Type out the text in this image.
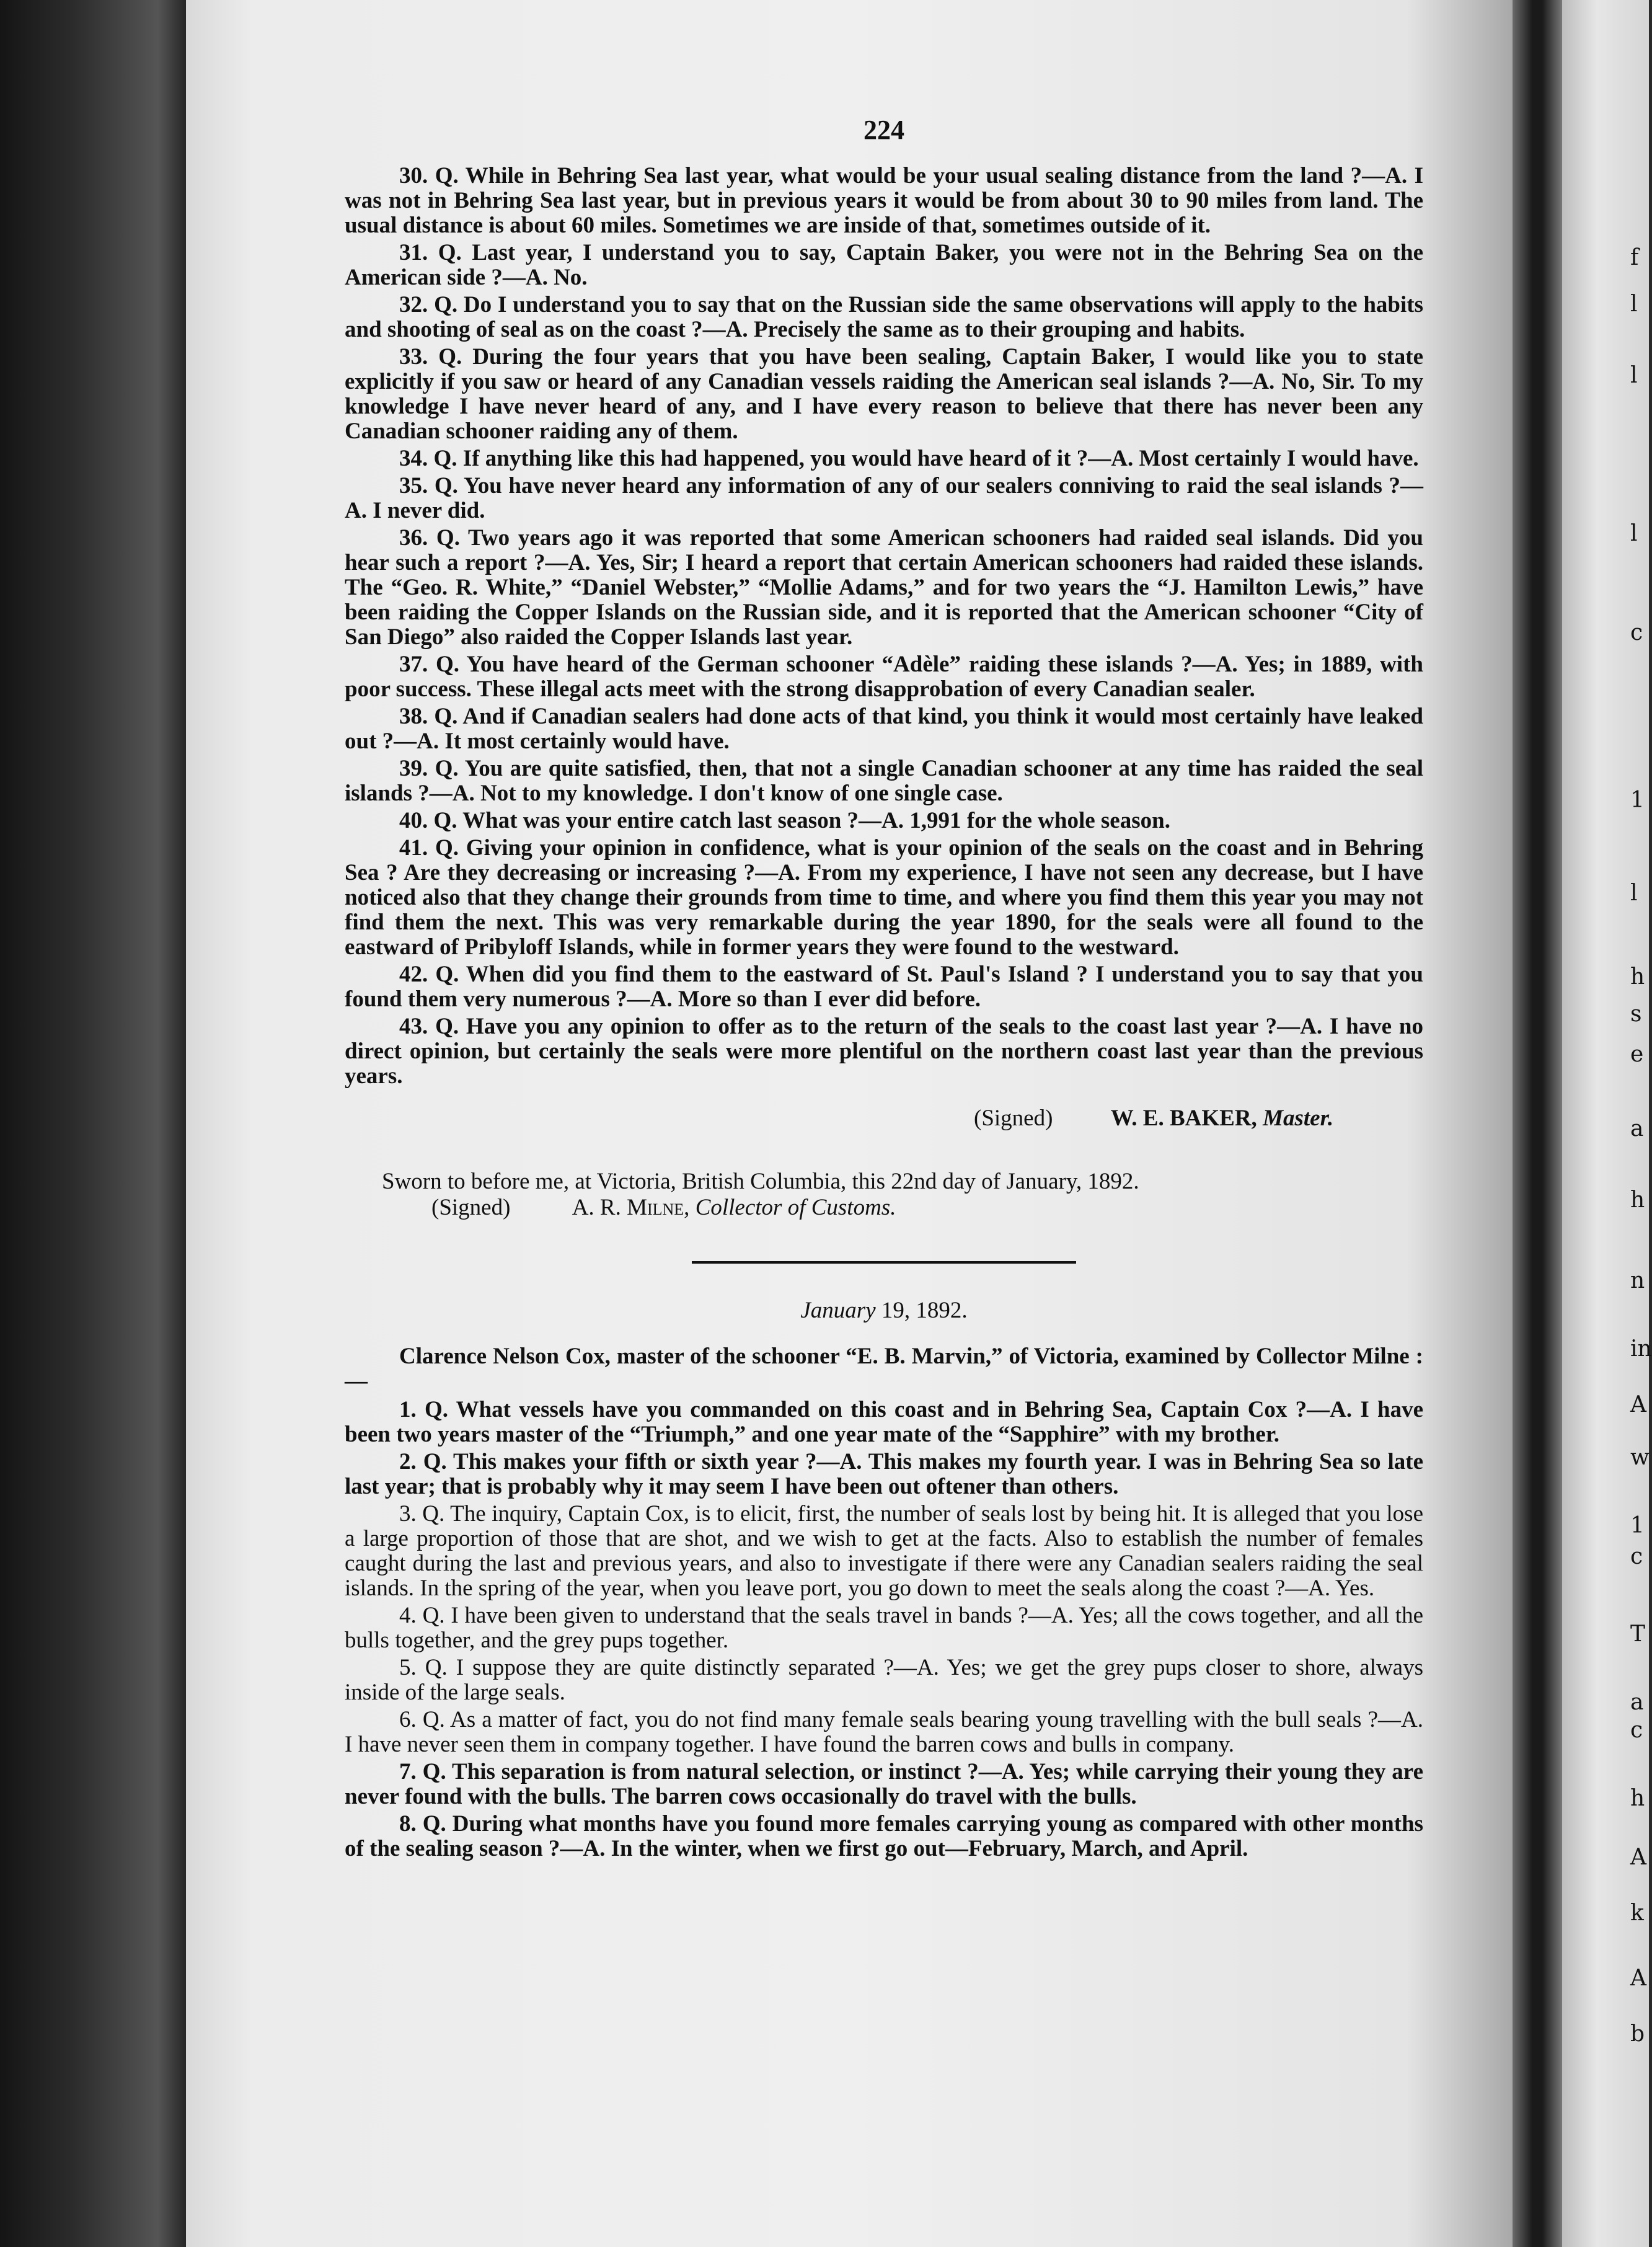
f
l
l
l
c
1
l
h
s
e
a
h
n
in
A
w
1
c
T
a
c
h
A
k
A
b
224

30. Q. While in Behring Sea last year, what would be your usual sealing distance from the land ?—A. I was not in Behring Sea last year, but in previous years it would be from about 30 to 90 miles from land. The usual distance is about 60 miles. Sometimes we are inside of that, sometimes outside of it.

31. Q. Last year, I understand you to say, Captain Baker, you were not in the Behring Sea on the American side ?—A. No.

32. Q. Do I understand you to say that on the Russian side the same observations will apply to the habits and shooting of seal as on the coast ?—A. Precisely the same as to their grouping and habits.

33. Q. During the four years that you have been sealing, Captain Baker, I would like you to state explicitly if you saw or heard of any Canadian vessels raiding the American seal islands ?—A. No, Sir. To my knowledge I have never heard of any, and I have every reason to believe that there has never been any Canadian schooner raiding any of them.

34. Q. If anything like this had happened, you would have heard of it ?—A. Most certainly I would have.

35. Q. You have never heard any information of any of our sealers conniving to raid the seal islands ?—A. I never did.

36. Q. Two years ago it was reported that some American schooners had raided seal islands. Did you hear such a report ?—A. Yes, Sir; I heard a report that certain American schooners had raided these islands. The “Geo. R. White,” “Daniel Webster,” “Mollie Adams,” and for two years the “J. Hamilton Lewis,” have been raiding the Copper Islands on the Russian side, and it is reported that the American schooner “City of San Diego” also raided the Copper Islands last year.

37. Q. You have heard of the German schooner “Adèle” raiding these islands ?—A. Yes; in 1889, with poor success. These illegal acts meet with the strong disapprobation of every Canadian sealer.

38. Q. And if Canadian sealers had done acts of that kind, you think it would most certainly have leaked out ?—A. It most certainly would have.

39. Q. You are quite satisfied, then, that not a single Canadian schooner at any time has raided the seal islands ?—A. Not to my knowledge. I don't know of one single case.

40. Q. What was your entire catch last season ?—A. 1,991 for the whole season.

41. Q. Giving your opinion in confidence, what is your opinion of the seals on the coast and in Behring Sea ? Are they decreasing or increasing ?—A. From my experience, I have not seen any decrease, but I have noticed also that they change their grounds from time to time, and where you find them this year you may not find them the next. This was very remarkable during the year 1890, for the seals were all found to the eastward of Pribyloff Islands, while in former years they were found to the westward.

42. Q. When did you find them to the eastward of St. Paul's Island ? I understand you to say that you found them very numerous ?—A. More so than I ever did before.

43. Q. Have you any opinion to offer as to the return of the seals to the coast last year ?—A. I have no direct opinion, but certainly the seals were more plentiful on the northern coast last year than the previous years.

(Signed)	W. E. BAKER, Master.

Sworn to before me, at Victoria, British Columbia, this 22nd day of January, 1892.

(Signed)	A. R. Milne, Collector of Customs.
January 19, 1892.

Clarence Nelson Cox, master of the schooner “E. B. Marvin,” of Victoria, examined by Collector Milne :—

1. Q. What vessels have you commanded on this coast and in Behring Sea, Captain Cox ?—A. I have been two years master of the “Triumph,” and one year mate of the “Sapphire” with my brother.

2. Q. This makes your fifth or sixth year ?—A. This makes my fourth year. I was in Behring Sea so late last year; that is probably why it may seem I have been out oftener than others.

3. Q. The inquiry, Captain Cox, is to elicit, first, the number of seals lost by being hit. It is alleged that you lose a large proportion of those that are shot, and we wish to get at the facts. Also to establish the number of females caught during the last and previous years, and also to investigate if there were any Canadian sealers raiding the seal islands. In the spring of the year, when you leave port, you go down to meet the seals along the coast ?—A. Yes.

4. Q. I have been given to understand that the seals travel in bands ?—A. Yes; all the cows together, and all the bulls together, and the grey pups together.

5. Q. I suppose they are quite distinctly separated ?—A. Yes; we get the grey pups closer to shore, always inside of the large seals.

6. Q. As a matter of fact, you do not find many female seals bearing young travelling with the bull seals ?—A. I have never seen them in company together. I have found the barren cows and bulls in company.

7. Q. This separation is from natural selection, or instinct ?—A. Yes; while carrying their young they are never found with the bulls. The barren cows occasionally do travel with the bulls.

8. Q. During what months have you found more females carrying young as compared with other months of the sealing season ?—A. In the winter, when we first go out—February, March, and April.
